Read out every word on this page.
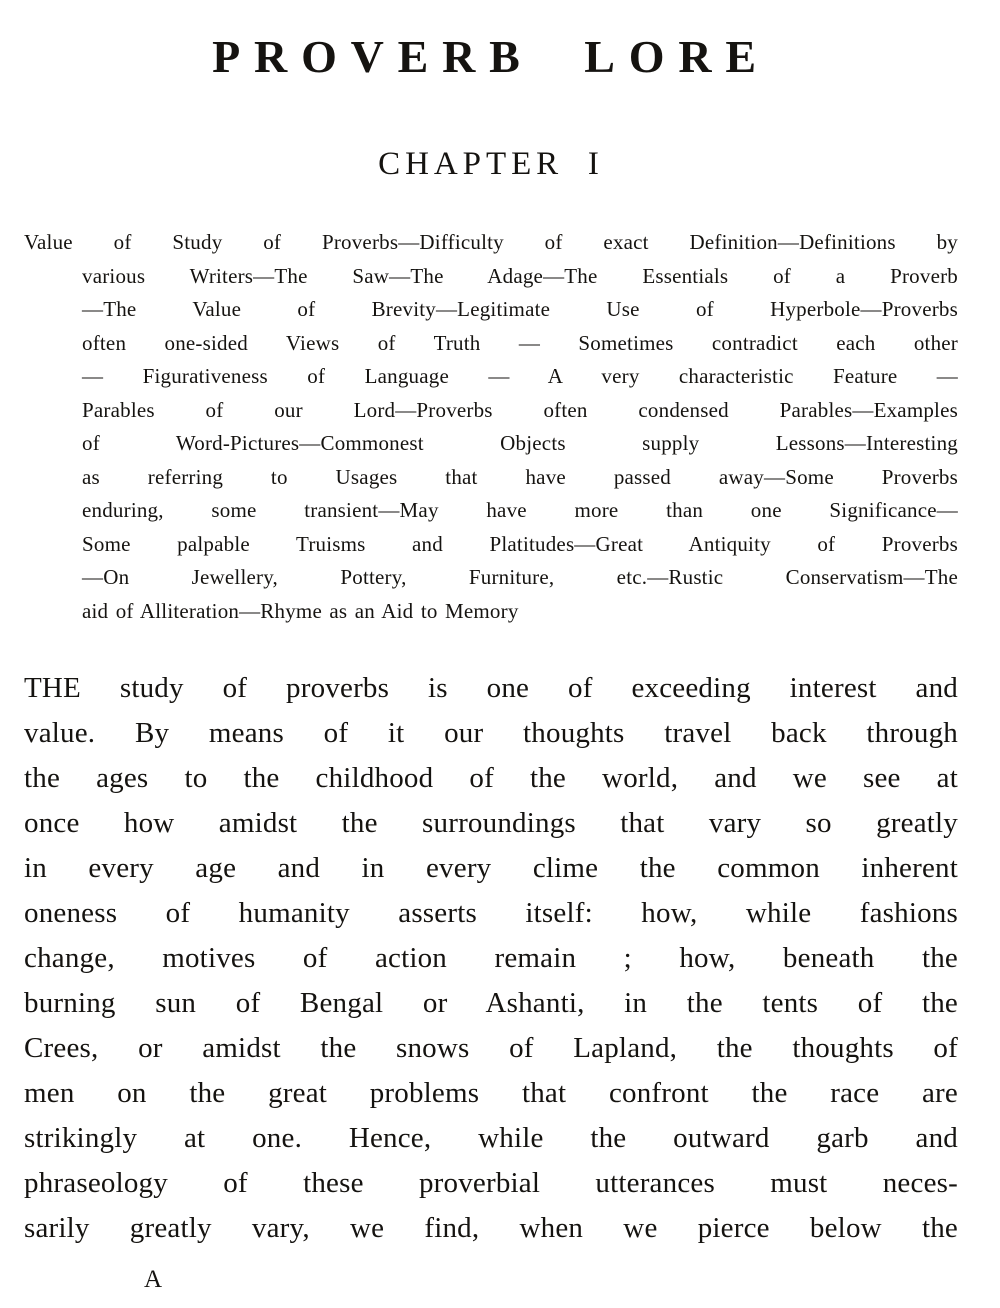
PROVERB LORE
CHAPTER I
Value of Study of Proverbs—Difficulty of exact Definition—Definitions by
various Writers—The Saw—The Adage—The Essentials of a Proverb
—The Value of Brevity—Legitimate Use of Hyperbole—Proverbs
often one-sided Views of Truth — Sometimes contradict each other
— Figurativeness of Language — A very characteristic Feature —
Parables of our Lord—Proverbs often condensed Parables—Examples
of Word-Pictures—Commonest Objects supply Lessons—Interesting
as referring to Usages that have passed away—Some Proverbs
enduring, some transient—May have more than one Significance—
Some palpable Truisms and Platitudes—Great Antiquity of Proverbs
—On Jewellery, Pottery, Furniture, etc.—Rustic Conservatism—The
aid of Alliteration—Rhyme as an Aid to Memory
THE study of proverbs is one of exceeding interest and
value. By means of it our thoughts travel back through
the ages to the childhood of the world, and we see at
once how amidst the surroundings that vary so greatly
in every age and in every clime the common inherent
oneness of humanity asserts itself: how, while fashions
change, motives of action remain ; how, beneath the
burning sun of Bengal or Ashanti, in the tents of the
Crees, or amidst the snows of Lapland, the thoughts of
men on the great problems that confront the race are
strikingly at one. Hence, while the outward garb and
phraseology of these proverbial utterances must neces-
sarily greatly vary, we find, when we pierce below the
A
